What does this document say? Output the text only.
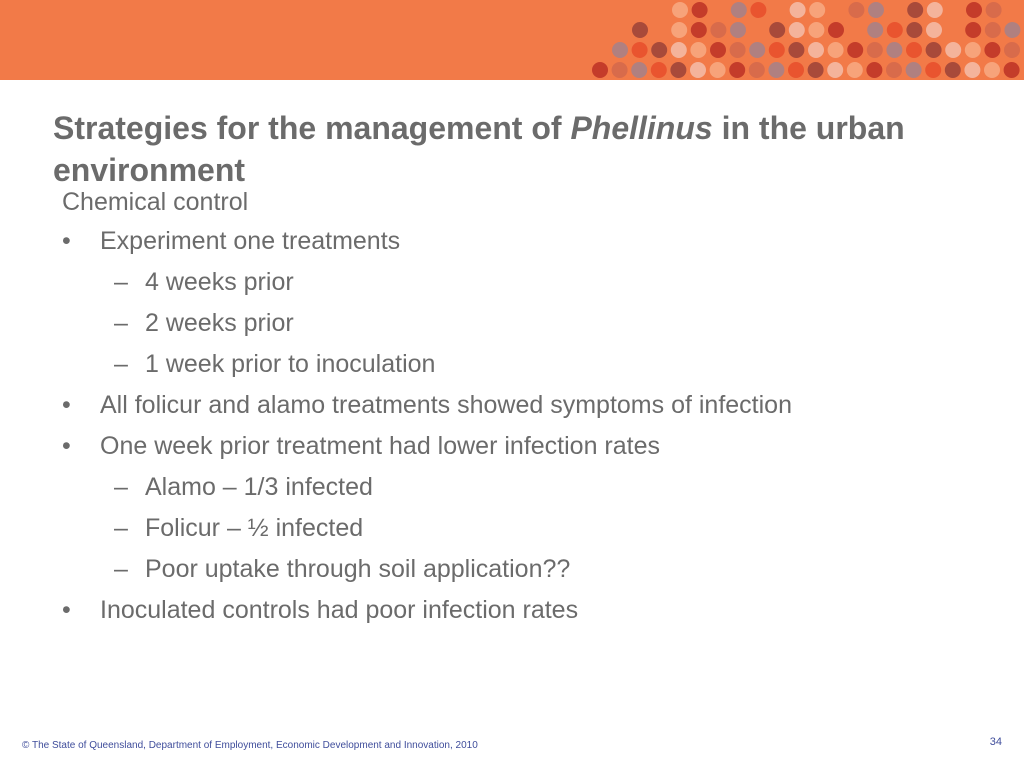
Strategies for the management of Phellinus in the urban environment
Chemical control
• Experiment one treatments
– 4 weeks prior
– 2 weeks prior
– 1 week prior to inoculation
• All folicur and alamo treatments showed symptoms of infection
• One week prior treatment had lower infection rates
– Alamo – 1/3 infected
– Folicur – ½ infected
– Poor uptake through soil application??
• Inoculated controls had poor infection rates
© The State of Queensland, Department of Employment, Economic Development and Innovation, 2010	34
